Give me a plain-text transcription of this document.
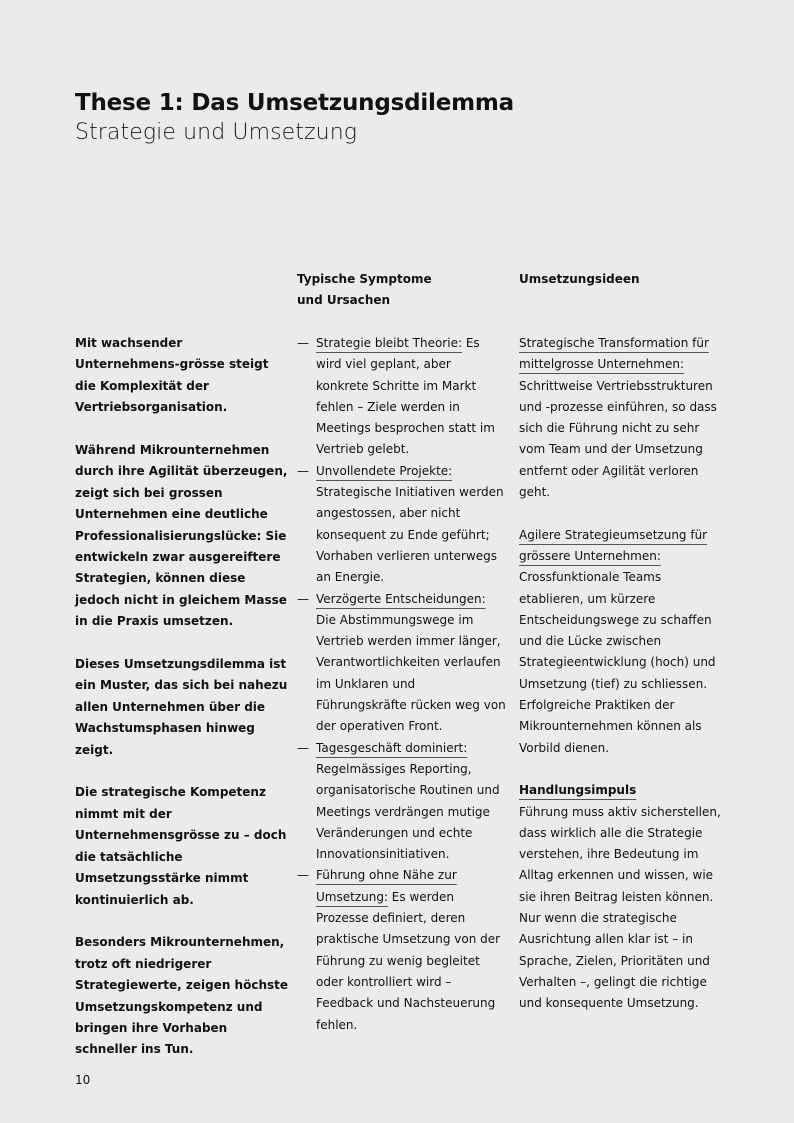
These 1: Das Umsetzungsdilemma
Strategie und Umsetzung
Typische Symptome
und Ursachen
Umsetzungsideen

Mit wachsender Unternehmens-grösse steigt die Komplexität der Vertriebsorganisation.

Während Mikrounternehmen durch ihre Agilität überzeugen, zeigt sich bei grossen Unternehmen eine deutliche Professionalisierungslücke: Sie entwickeln zwar ausgereiftere Strategien, können diese jedoch nicht in gleichem Masse in die Praxis umsetzen.

Dieses Umsetzungsdilemma ist ein Muster, das sich bei nahezu allen Unternehmen über die Wachstumsphasen hinweg zeigt.

Die strategische Kompetenz nimmt mit der Unternehmensgrösse zu – doch die tatsächliche Umsetzungsstärke nimmt kontinuierlich ab.

Besonders Mikrounternehmen, trotz oft niedrigerer Strategiewerte, zeigen höchste Umsetzungskompetenz und bringen ihre Vorhaben schneller ins Tun.

— Strategie bleibt Theorie: Es wird viel geplant, aber konkrete Schritte im Markt fehlen – Ziele werden in Meetings besprochen statt im Vertrieb gelebt.
— Unvollendete Projekte: Strategische Initiativen werden angestossen, aber nicht konsequent zu Ende geführt; Vorhaben verlieren unterwegs an Energie.
— Verzögerte Entscheidungen: Die Abstimmungswege im Vertrieb werden immer länger, Verantwortlichkeiten verlaufen im Unklaren und Führungskräfte rücken weg von der operativen Front.
— Tagesgeschäft dominiert: Regelmässiges Reporting, organisatorische Routinen und Meetings verdrängen mutige Veränderungen und echte Innovationsinitiativen.
— Führung ohne Nähe zur Umsetzung: Es werden Prozesse definiert, deren praktische Umsetzung von der Führung zu wenig begleitet oder kontrolliert wird – Feedback und Nachsteuerung fehlen.
Strategische Transformation für mittelgrosse Unternehmen: Schrittweise Vertriebsstrukturen und -prozesse einführen, so dass sich die Führung nicht zu sehr vom Team und der Umsetzung entfernt oder Agilität verloren geht.
Agilere Strategieumsetzung für grössere Unternehmen: Crossfunktionale Teams etablieren, um kürzere Entscheidungswege zu schaffen und die Lücke zwischen Strategieentwicklung (hoch) und Umsetzung (tief) zu schliessen. Erfolgreiche Praktiken der Mikrounternehmen können als Vorbild dienen.
Handlungsimpuls
Führung muss aktiv sicherstellen, dass wirklich alle die Strategie verstehen, ihre Bedeutung im Alltag erkennen und wissen, wie sie ihren Beitrag leisten können. Nur wenn die strategische Ausrichtung allen klar ist – in Sprache, Zielen, Prioritäten und Verhalten –, gelingt die richtige und konsequente Umsetzung.
10
